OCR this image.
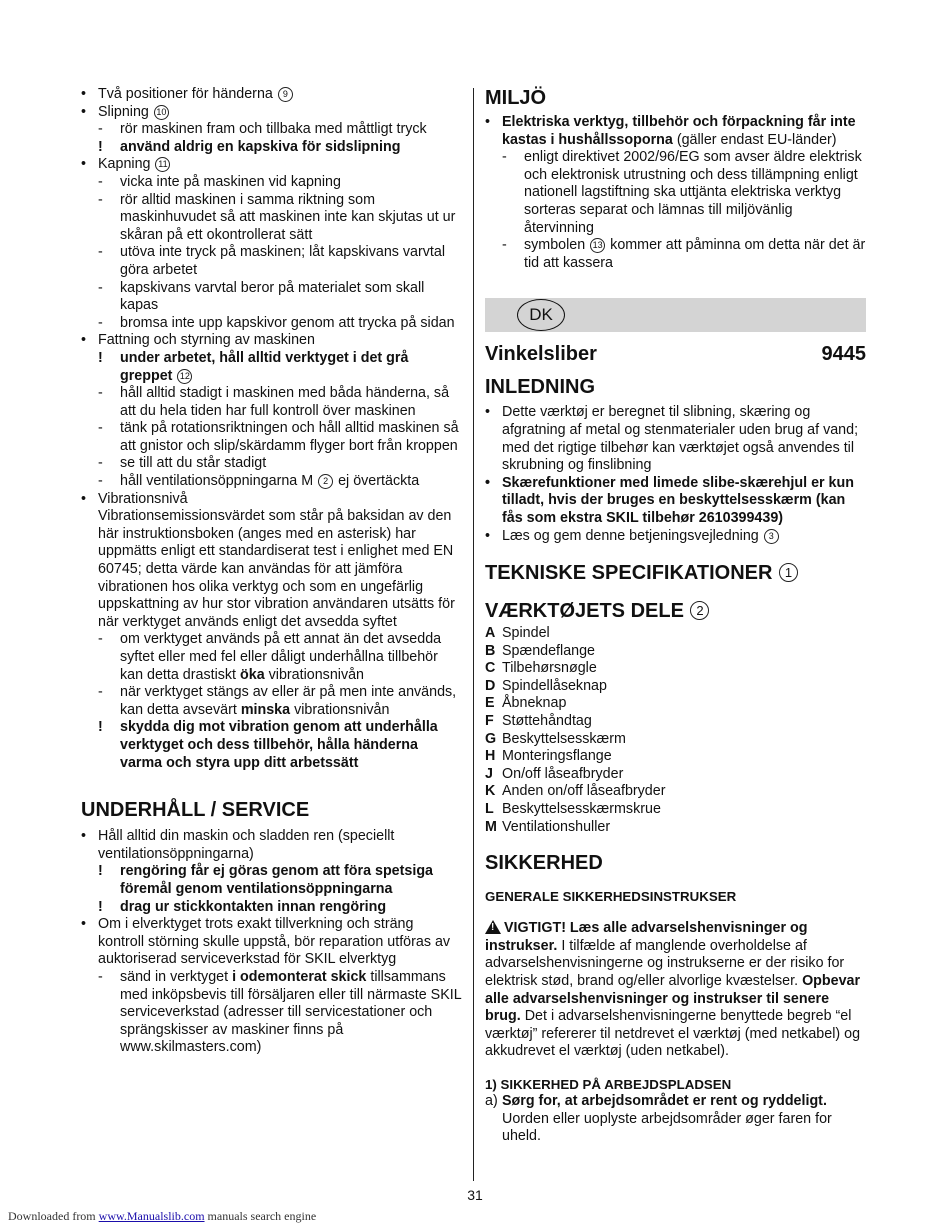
• Två positioner för händerna 9

• Slipning 10

- rör maskinen fram och tillbaka med måttligt tryck

! använd aldrig en kapskiva för sidslipning

• Kapning 11

- vicka inte på maskinen vid kapning

- rör alltid maskinen i samma riktning som maskinhuvudet så att maskinen inte kan skjutas ut ur skåran på ett okontrollerat sätt

- utöva inte tryck på maskinen; låt kapskivans varvtal göra arbetet

- kapskivans varvtal beror på materialet som skall kapas

- bromsa inte upp kapskivor genom att trycka på sidan

• Fattning och styrning av maskinen

! under arbetet, håll alltid verktyget i det grå greppet 12

- håll alltid stadigt i maskinen med båda händerna, så att du hela tiden har full kontroll över maskinen

- tänk på rotationsriktningen och håll alltid maskinen så att gnistor och slip/skärdamm flyger bort från kroppen

- se till att du står stadigt

- håll ventilationsöppningarna M 2 ej övertäckta

• Vibrationsnivå

Vibrationsemissionsvärdet som står på baksidan av den här instruktionsboken (anges med en asterisk) har uppmätts enligt ett standardiserat test i enlighet med EN 60745; detta värde kan användas för att jämföra vibrationen hos olika verktyg och som en ungefärlig uppskattning av hur stor vibration användaren utsätts för när verktyget används enligt det avsedda syftet

- om verktyget används på ett annat än det avsedda syftet eller med fel eller dåligt underhållna tillbehör kan detta drastiskt öka vibrationsnivån

- när verktyget stängs av eller är på men inte används, kan detta avsevärt minska vibrationsnivån

! skydda dig mot vibration genom att underhålla verktyget och dess tillbehör, hålla händerna varma och styra upp ditt arbetssätt

UNDERHÅLL / SERVICE

• Håll alltid din maskin och sladden ren (speciellt ventilationsöppningarna)

! rengöring får ej göras genom att föra spetsiga föremål genom ventilationsöppningarna

! drag ur stickkontakten innan rengöring

• Om i elverktyget trots exakt tillverkning och sträng kontroll störning skulle uppstå, bör reparation utföras av auktoriserad serviceverkstad för SKIL elverktyg

- sänd in verktyget i odemonterat skick tillsammans med inköpsbevis till försäljaren eller till närmaste SKIL serviceverkstad (adresser till servicestationer och sprängskisser av maskiner finns på www.skilmasters.com)

MILJÖ

• Elektriska verktyg, tillbehör och förpackning får inte kastas i hushållssoporna (gäller endast EU-länder)

- enligt direktivet 2002/96/EG som avser äldre elektrisk och elektronisk utrustning och dess tillämpning enligt nationell lagstiftning ska uttjänta elektriska verktyg sorteras separat och lämnas till miljövänlig återvinning

- symbolen 13 kommer att påminna om detta när det är tid att kassera

DK
Vinkelsliber	9445
INLEDNING

• Dette værktøj er beregnet til slibning, skæring og afgratning af metal og stenmaterialer uden brug af vand; med det rigtige tilbehør kan værktøjet også anvendes til skrubning og finslibning

• Skærefunktioner med limede slibe-skærehjul er kun tilladt, hvis der bruges en beskyttelsesskærm (kan fås som ekstra SKIL tilbehør 2610399439)

• Læs og gem denne betjeningsvejledning 3

TEKNISKE SPECIFIKATIONER 1
VÆRKTØJETS DELE 2
A Spindel
B Spændeflange
C Tilbehørsnøgle
D Spindellåseknap
E Åbneknap
F Støttehåndtag
G Beskyttelsesskærm
H Monteringsflange
J On/off låseafbryder
K Anden on/off låseafbryder
L Beskyttelsesskærmskrue
M Ventilationshuller
SIKKERHED
GENERALE SIKKERHEDSINSTRUKSER

!VIGTIGT! Læs alle advarselshenvisninger og instrukser. I tilfælde af manglende overholdelse af advarselshenvisningerne og instrukserne er der risiko for elektrisk stød, brand og/eller alvorlige kvæstelser. Opbevar alle advarselshenvisninger og instrukser til senere brug. Det i advarselshenvisningerne benyttede begreb “el værktøj” refererer til netdrevet el værktøj (med netkabel) og akkudrevet el værktøj (uden netkabel).

1) SIKKERHED PÅ ARBEJDSPLADSEN

a) Sørg for, at arbejdsområdet er rent og ryddeligt. Uorden eller uoplyste arbejdsområder øger faren for uheld.

31
Downloaded from www.Manualslib.com manuals search engine
